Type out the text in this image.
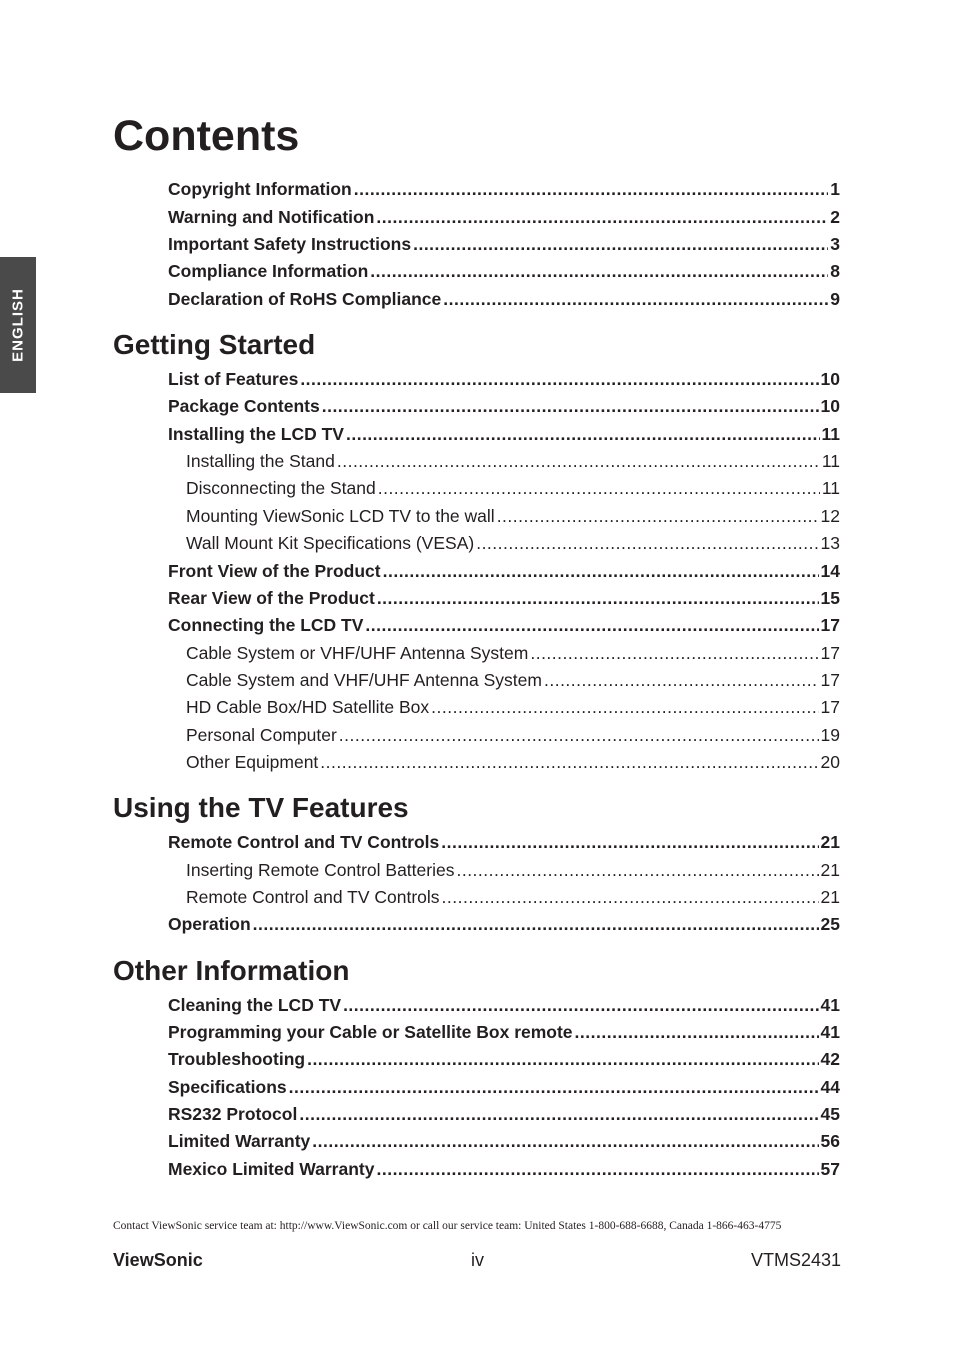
ENGLISH
Contents
Copyright Information .....	1
Warning and Notification .....	2
Important Safety Instructions .....	3
Compliance Information .....	8
Declaration of RoHS Compliance .....	9
Getting Started
List of Features .....	10
Package Contents .....	10
Installing the LCD TV .....	11
Installing the Stand .....	11
Disconnecting the Stand .....	11
Mounting ViewSonic LCD TV to the wall .....	12
Wall Mount Kit Specifications (VESA) .....	13
Front View of the Product .....	14
Rear View of the Product .....	15
Connecting the LCD TV .....	17
Cable System or VHF/UHF Antenna System .....	17
Cable System and VHF/UHF Antenna System .....	17
HD Cable Box/HD Satellite Box .....	17
Personal Computer .....	19
Other Equipment .....	20
Using the TV Features
Remote Control and TV Controls .....	21
Inserting Remote Control Batteries .....	21
Remote Control and TV Controls .....	21
Operation .....	25
Other Information
Cleaning the LCD TV .....	41
Programming your Cable or Satellite Box remote .....	41
Troubleshooting .....	42
Specifications .....	44
RS232 Protocol .....	45
Limited Warranty .....	56
Mexico Limited Warranty .....	57
Contact ViewSonic service team at: http://www.ViewSonic.com or call our service team: United States 1-800-688-6688, Canada 1-866-463-4775
ViewSonic	iv	VTMS2431
